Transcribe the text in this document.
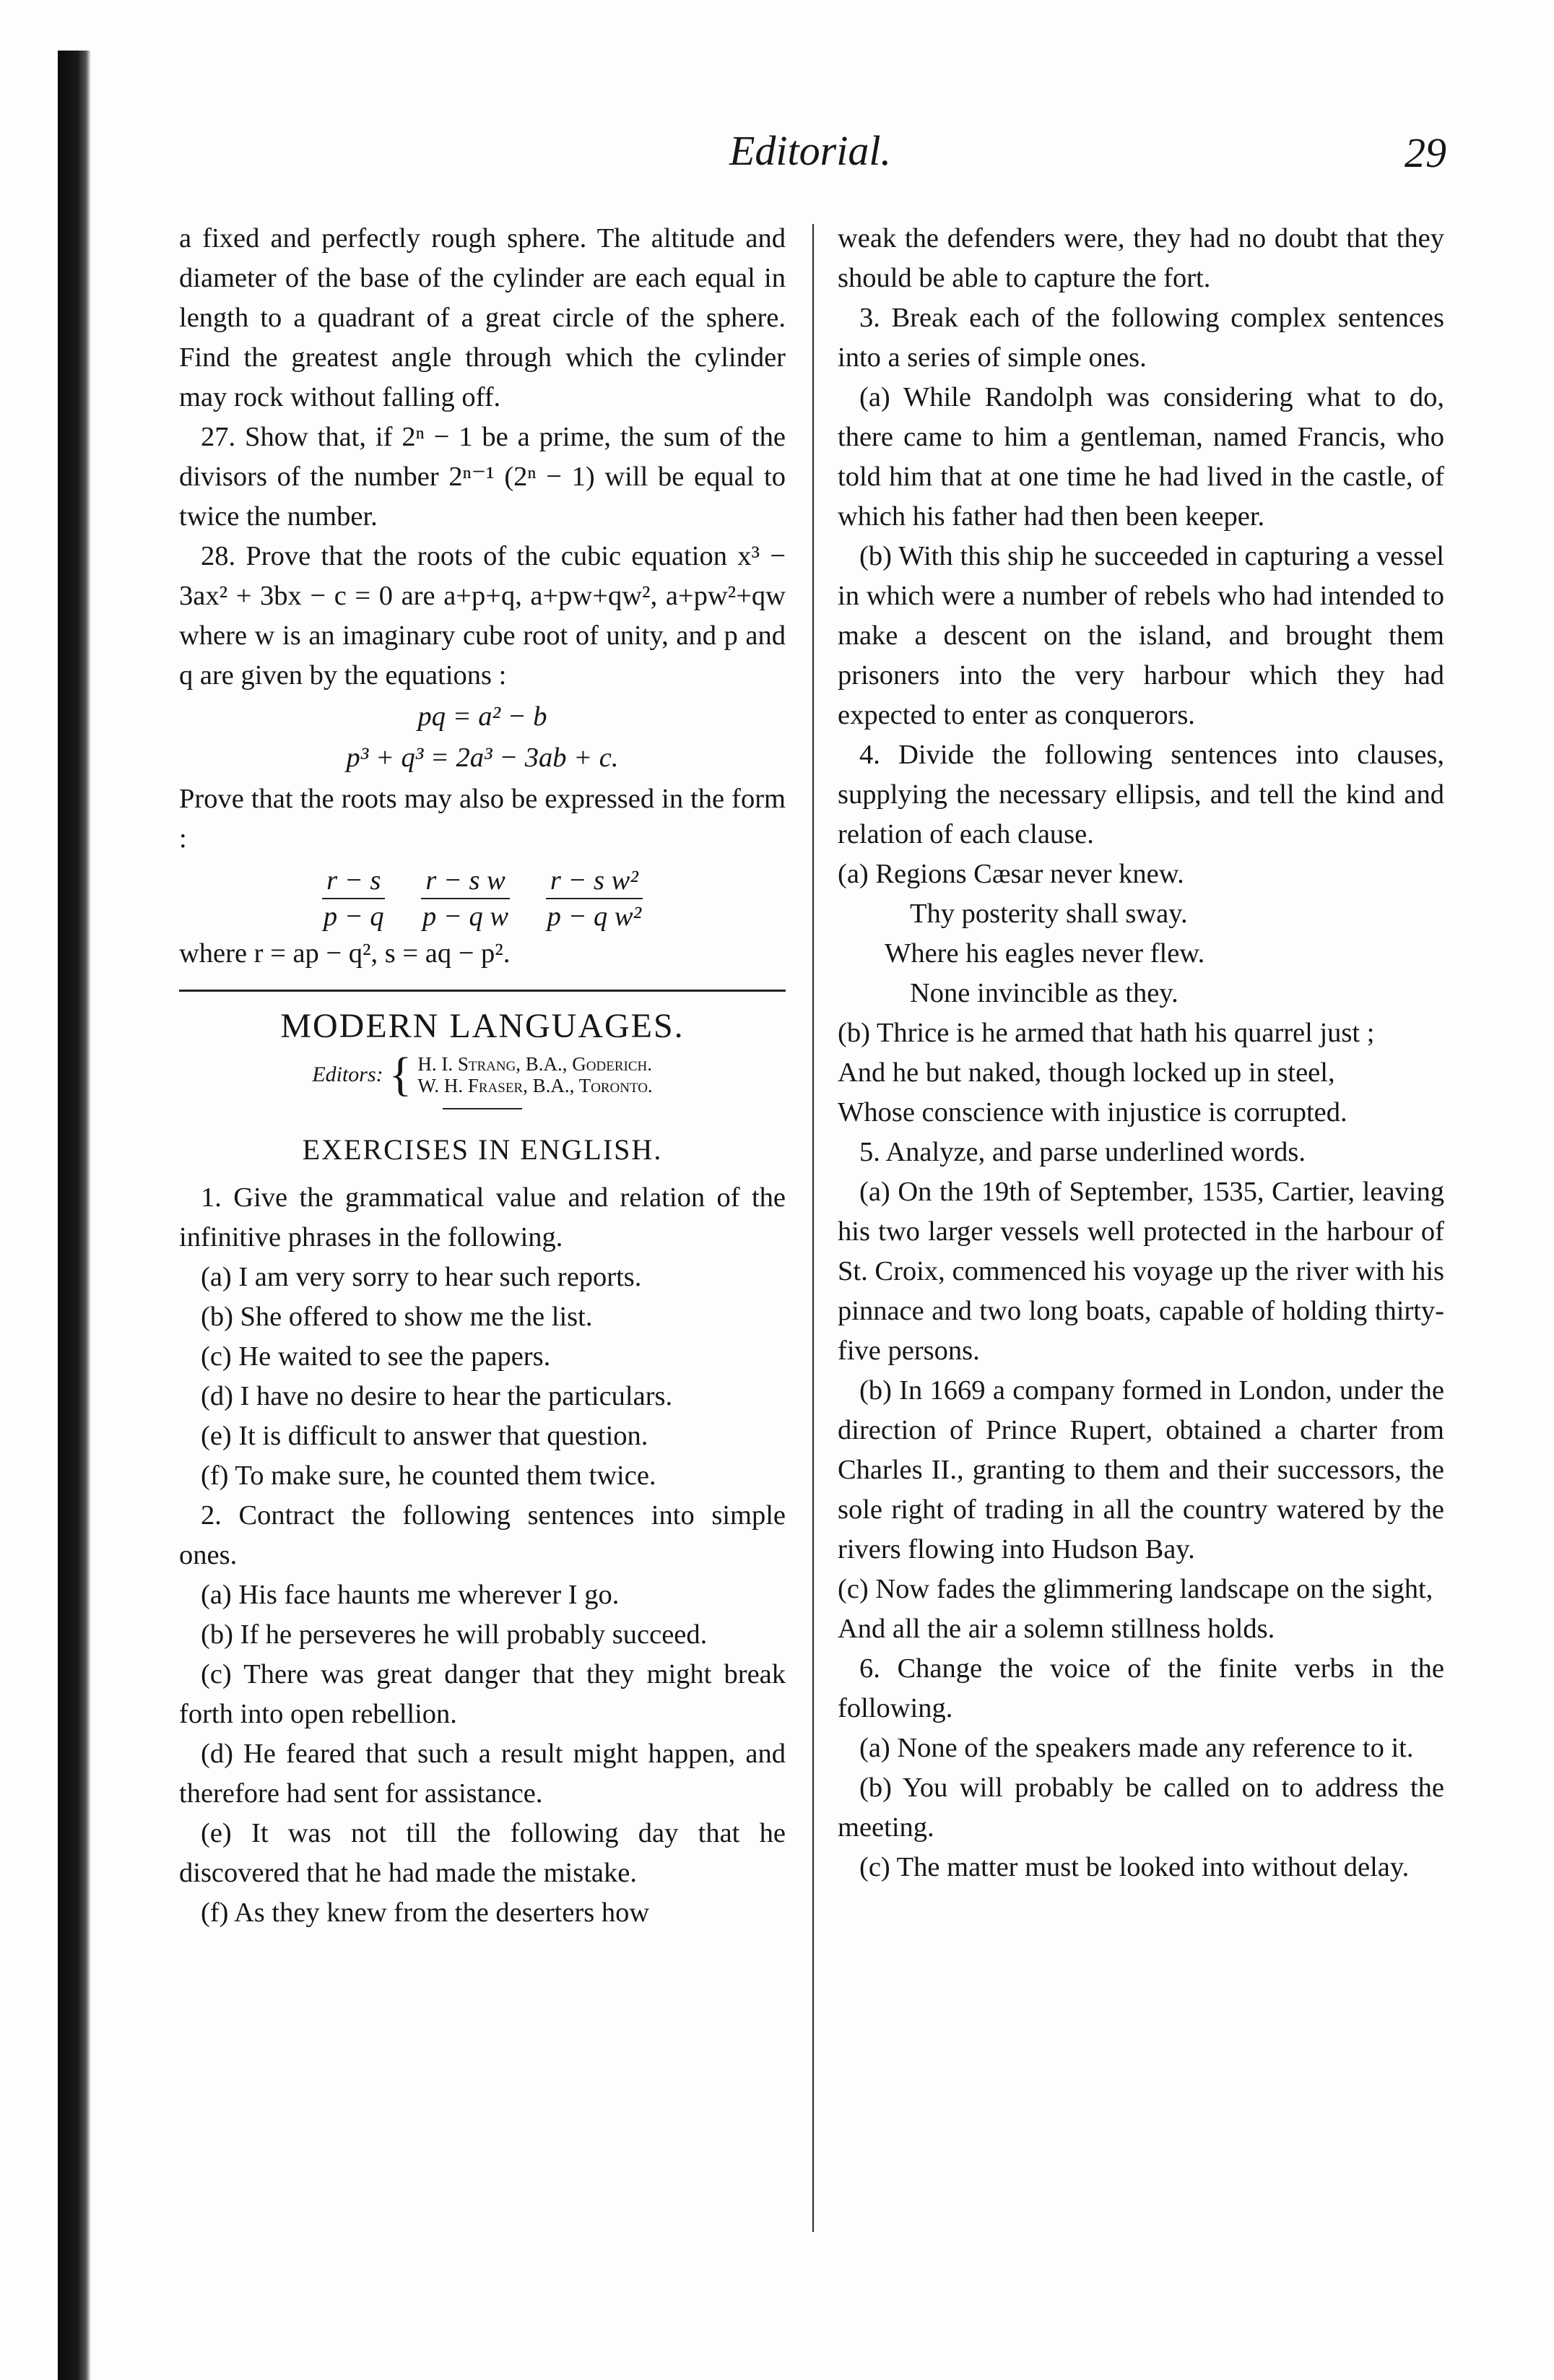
Editorial.	29

a fixed and perfectly rough sphere. The altitude and diameter of the base of the cylinder are each equal in length to a quadrant of a great circle of the sphere. Find the greatest angle through which the cylinder may rock without falling off.

27. Show that, if 2ⁿ − 1 be a prime, the sum of the divisors of the number 2ⁿ⁻¹ (2ⁿ − 1) will be equal to twice the number.

28. Prove that the roots of the cubic equation x³ − 3ax² + 3bx − c = 0 are a+p+q, a+pw+qw², a+pw²+qw where w is an imaginary cube root of unity, and p and q are given by the equations :

pq = a² − b

p³ + q³ = 2a³ − 3ab + c.

Prove that the roots may also be expressed in the form :

$\frac{r - s}{p - q} \frac{\text{r − s w}}{\text{p − q w}} \frac{\text{r − s w²}}{\text{p − q w²}}$

where r = ap − q², s = aq − p².

MODERN LANGUAGES.
Editors: { H. I. Strang, B.A., Goderich.
W. H. Fraser, B.A., Toronto.
EXERCISES IN ENGLISH.

1. Give the grammatical value and relation of the infinitive phrases in the following.

(a) I am very sorry to hear such reports.

(b) She offered to show me the list.

(c) He waited to see the papers.

(d) I have no desire to hear the particulars.

(e) It is difficult to answer that question.

(f) To make sure, he counted them twice.

2. Contract the following sentences into simple ones.

(a) His face haunts me wherever I go.

(b) If he perseveres he will probably succeed.

(c) There was great danger that they might break forth into open rebellion.

(d) He feared that such a result might happen, and therefore had sent for assistance.

(e) It was not till the following day that he discovered that he had made the mistake.

(f) As they knew from the deserters how

weak the defenders were, they had no doubt that they should be able to capture the fort.

3. Break each of the following complex sentences into a series of simple ones.

(a) While Randolph was considering what to do, there came to him a gentleman, named Francis, who told him that at one time he had lived in the castle, of which his father had then been keeper.

(b) With this ship he succeeded in capturing a vessel in which were a number of rebels who had intended to make a descent on the island, and brought them prisoners into the very harbour which they had expected to enter as conquerors.

4. Divide the following sentences into clauses, supplying the necessary ellipsis, and tell the kind and relation of each clause.

(a) Regions Cæsar never knew.

Thy posterity shall sway.

Where his eagles never flew.

None invincible as they.

(b) Thrice is he armed that hath his quarrel just ;

And he but naked, though locked up in steel,

Whose conscience with injustice is corrupted.

5. Analyze, and parse underlined words.

(a) On the 19th of September, 1535, Cartier, leaving his two larger vessels well protected in the harbour of St. Croix, commenced his voyage up the river with his pinnace and two long boats, capable of holding thirty-five persons.

(b) In 1669 a company formed in London, under the direction of Prince Rupert, obtained a charter from Charles II., granting to them and their successors, the sole right of trading in all the country watered by the rivers flowing into Hudson Bay.

(c) Now fades the glimmering landscape on the sight,

And all the air a solemn stillness holds.

6. Change the voice of the finite verbs in the following.

(a) None of the speakers made any reference to it.

(b) You will probably be called on to address the meeting.

(c) The matter must be looked into without delay.
